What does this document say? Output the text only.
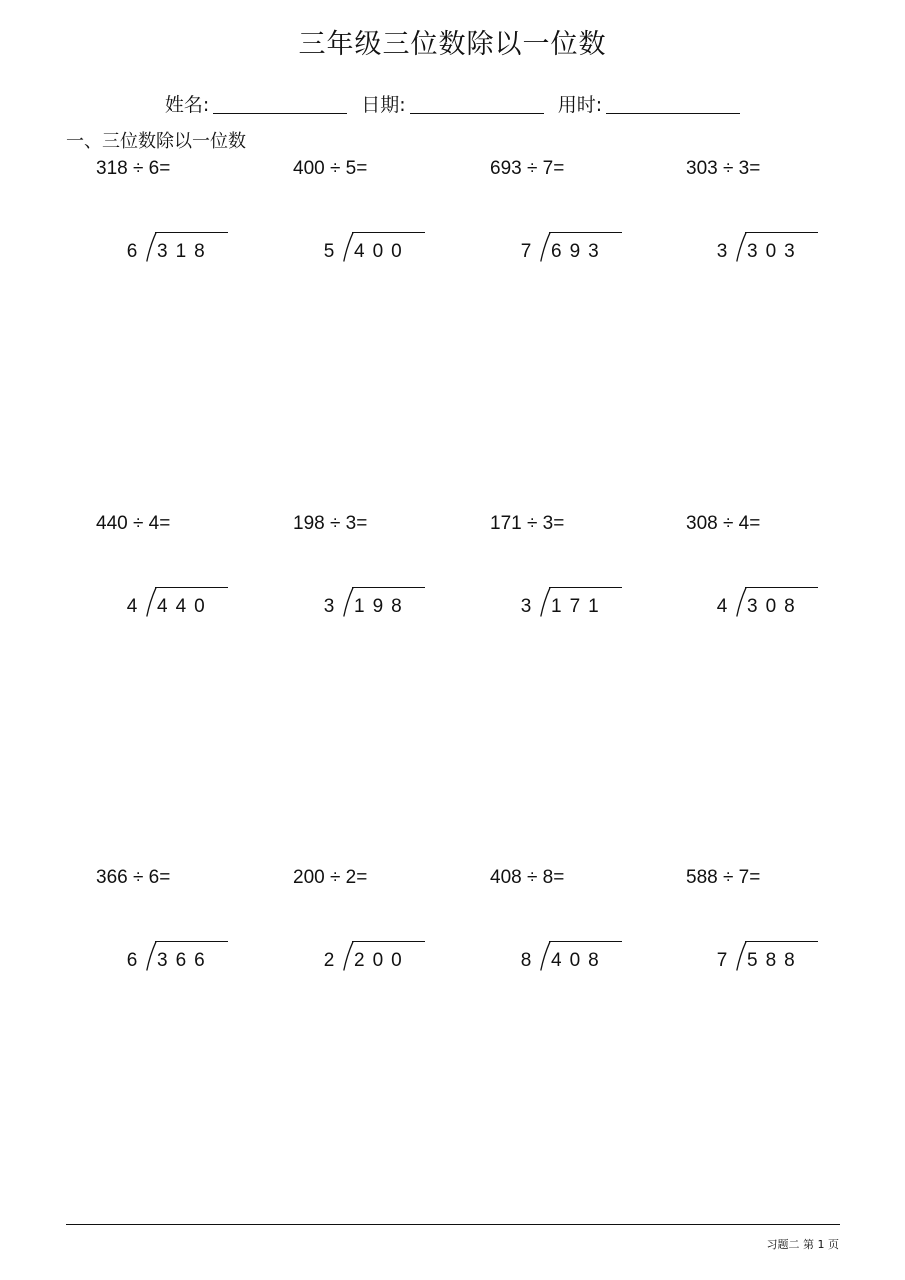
三年级三位数除以一位数
姓名:	日期:	用时:
一、三位数除以一位数
318 ÷ 6=
6 318
400 ÷ 5=
5 400
693 ÷ 7=
7 693
303 ÷ 3=
3 303
440 ÷ 4=
4 440
198 ÷ 3=
3 198
171 ÷ 3=
3 171
308 ÷ 4=
4 308
366 ÷ 6=
6 366
200 ÷ 2=
2 200
408 ÷ 8=
8 408
588 ÷ 7=
7 588
习题二 第 1 页
